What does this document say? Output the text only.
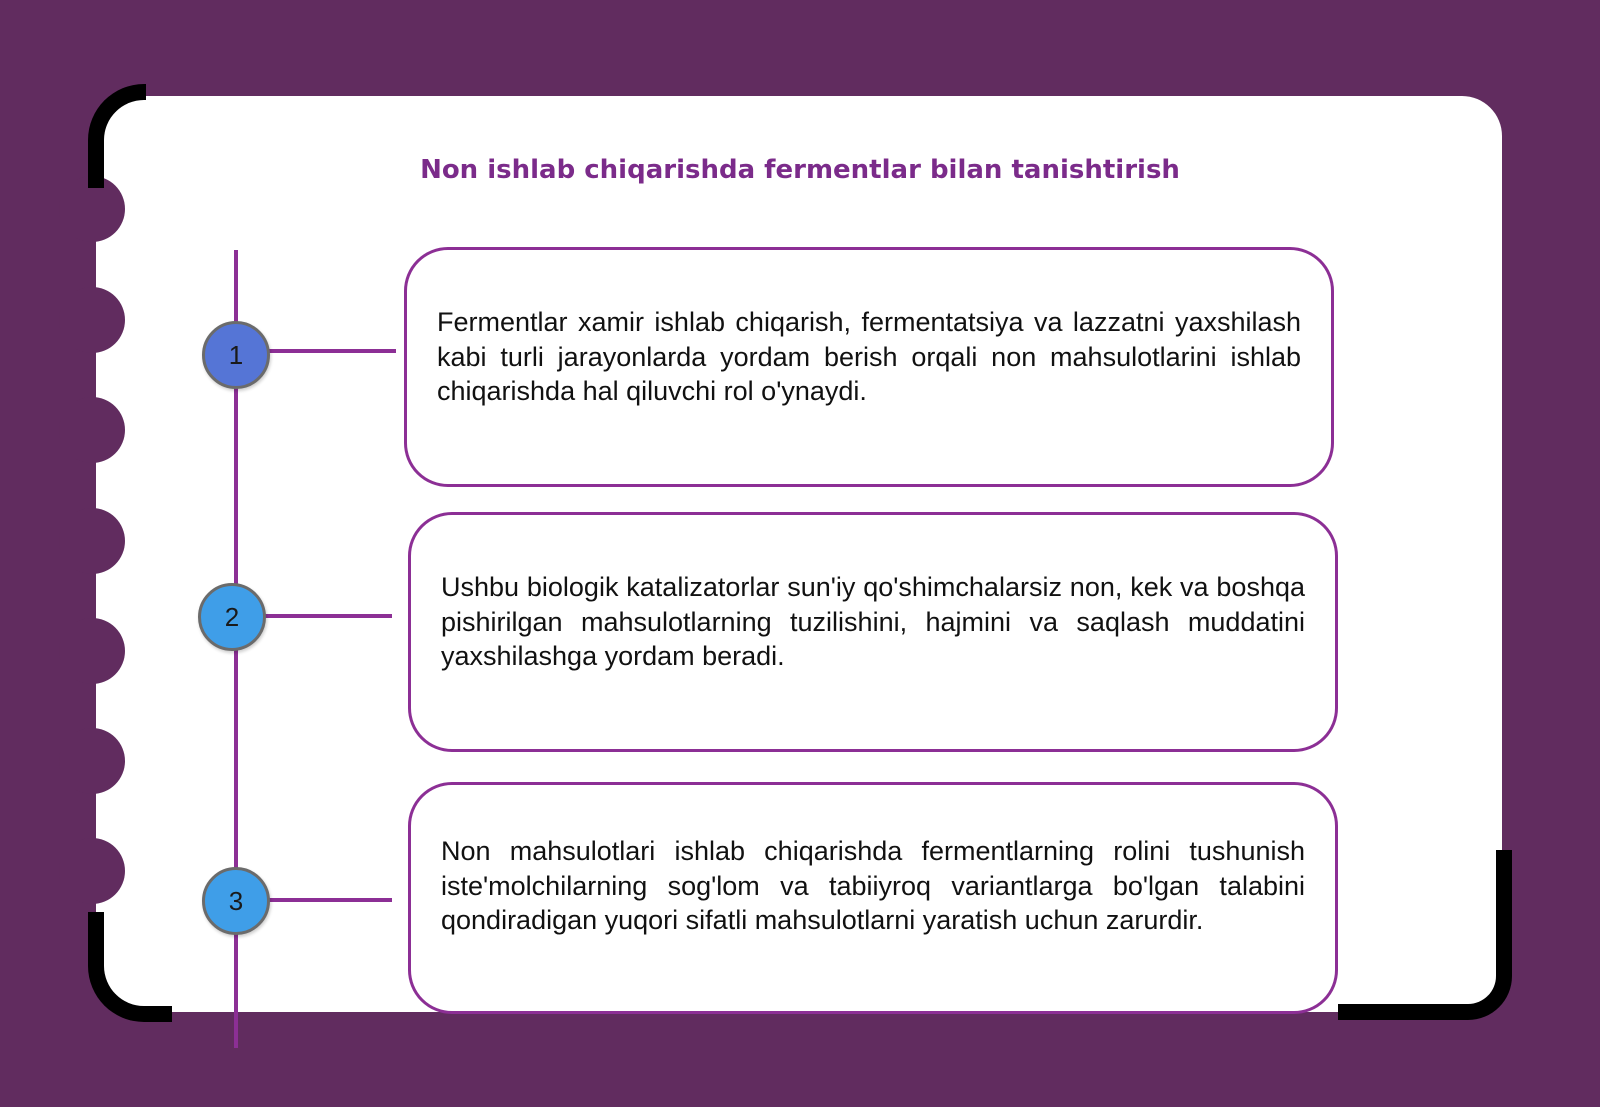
Non ishlab chiqarishda fermentlar bilan tanishtirish
1
2
3

Fermentlar xamir ishlab chiqarish, fermentatsiya va lazzatni yaxshilash kabi turli jarayonlarda yordam berish orqali non mahsulotlarini ishlab chiqarishda hal qiluvchi rol o'ynaydi.

Ushbu biologik katalizatorlar sun'iy qo'shimchalarsiz non, kek va boshqa pishirilgan mahsulotlarning tuzilishini, hajmini va saqlash muddatini yaxshilashga yordam beradi.

Non mahsulotlari ishlab chiqarishda fermentlarning rolini tushunish iste'molchilarning sog'lom va tabiiyroq variantlarga bo'lgan talabini qondiradigan yuqori sifatli mahsulotlarni yaratish uchun zarurdir.
